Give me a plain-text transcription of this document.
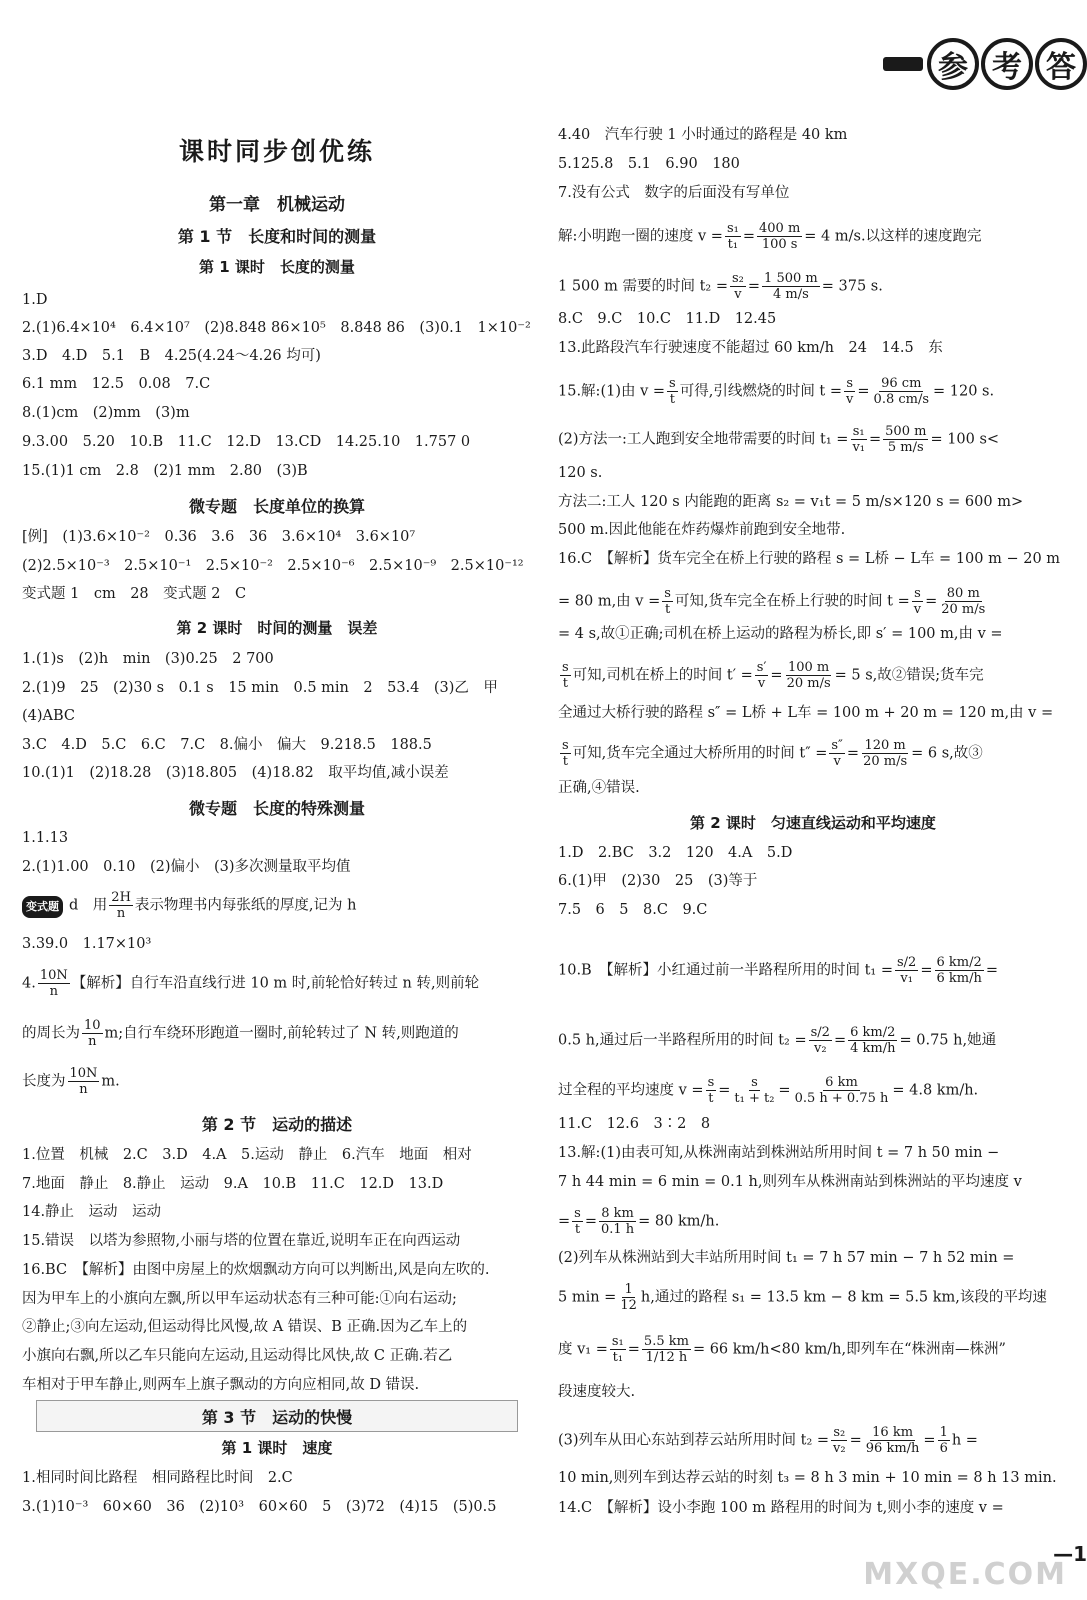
参 考 答
课时同步创优练
第一章　机械运动
第 1 节　长度和时间的测量
第 1 课时　长度的测量
1.D
2.(1)6.4×10⁴　6.4×10⁷　(2)8.848 86×10⁵　8.848 86　(3)0.1　1×10⁻²
3.D　4.D　5.1　B　4.25(4.24～4.26 均可)
6.1 mm　12.5　0.08　7.C
8.(1)cm　(2)mm　(3)m
9.3.00　5.20　10.B　11.C　12.D　13.CD　14.25.10　1.757 0
15.(1)1 cm　2.8　(2)1 mm　2.80　(3)B
微专题　长度单位的换算
[例]　(1)3.6×10⁻²　0.36　3.6　36　3.6×10⁴　3.6×10⁷
(2)2.5×10⁻³　2.5×10⁻¹　2.5×10⁻²　2.5×10⁻⁶　2.5×10⁻⁹　2.5×10⁻¹²
变式题 1　cm　28　变式题 2　C
第 2 课时　时间的测量　误差
1.(1)s　(2)h　min　(3)0.25　2 700
2.(1)9　25　(2)30 s　0.1 s　15 min　0.5 min　2　53.4　(3)乙　甲
(4)ABC
3.C　4.D　5.C　6.C　7.C　8.偏小　偏大　9.218.5　188.5
10.(1)1　(2)18.28　(3)18.805　(4)18.82　取平均值,减小误差
微专题　长度的特殊测量
1.1.13
2.(1)1.00　0.10　(2)偏小　(3)多次测量取平均值
变式题 d　用 $\frac{2H}{n}$ 表示物理书内每张纸的厚度,记为 h
3.39.0　1.17×10³
4. $\frac{10N}{n}$ 【解析】自行车沿直线行进 10 m 时,前轮恰好转过 n 转,则前轮
的周长为 $\frac{10}{n} m$;自行车绕环形跑道一圈时,前轮转过了 N 转,则跑道的
长度为 $\frac{10N}{n} m$.
第 2 节　运动的描述
1.位置　机械　2.C　3.D　4.A　5.运动　静止　6.汽车　地面　相对
7.地面　静止　8.静止　运动　9.A　10.B　11.C　12.D　13.D
14.静止　运动　运动
15.错误　以塔为参照物,小丽与塔的位置在靠近,说明车正在向西运动
16.BC　【解析】由图中房屋上的炊烟飘动方向可以判断出,风是向左吹的.
因为甲车上的小旗向左飘,所以甲车运动状态有三种可能:①向右运动;
②静止;③向左运动,但运动得比风慢,故 A 错误、B 正确.因为乙车上的
小旗向右飘,所以乙车只能向左运动,且运动得比风快,故 C 正确.若乙
车相对于甲车静止,则两车上旗子飘动的方向应相同,故 D 错误.
第 3 节　运动的快慢
第 1 课时　速度
1.相同时间比路程　相同路程比时间　2.C
3.(1)10⁻³　60×60　36　(2)10³　60×60　5　(3)72　(4)15　(5)0.5
4.40　汽车行驶 1 小时通过的路程是 40 km
5.125.8　5.1　6.90　180
7.没有公式　数字的后面没有写单位
解:小明跑一圈的速度 $v = \frac{\text{s₁}}{\text{t₁}} = \frac{400 m}{100 s} = 4$ m/s.以这样的速度跑完
1 500 m 需要的时间 $t_2 = \frac{\text{s₂}}{v} = \frac{1 500 m}{4 m/s} = 375$ s.
8.C　9.C　10.C　11.D　12.45
13.此路段汽车行驶速度不能超过 60 km/h　24　14.5　东
15.解:(1)由 $v = \frac{s}{t}$ 可得,引线燃烧的时间 $t = \frac{s}{v} = \frac{96 cm}{0.8 cm/s} = 120$ s.
(2)方法一:工人跑到安全地带需要的时间 $t_1 = \frac{\text{s₁}}{\text{v₁}} = \frac{500 m}{5 m/s} = 100$ s<
120 s.
方法二:工人 120 s 内能跑的距离 s₂ = v₁t = 5 m/s×120 s = 600 m>
500 m.因此他能在炸药爆炸前跑到安全地带.
16.C　【解析】货车完全在桥上行驶的路程 s = L桥 − L车 = 100 m − 20 m
= 80 m,由 $v = \frac{s}{t}$ 可知,货车完全在桥上行驶的时间 $t = \frac{s}{v} = \frac{80 m}{20 m/s}$
= 4 s,故①正确;司机在桥上运动的路程为桥长,即 s′ = 100 m,由 v =
$\frac{s}{t}$ 可知,司机在桥上的时间 $t' = \frac{s'}{v} = \frac{100 m}{20 m/s} = 5$ s,故②错误;货车完
全通过大桥行驶的路程 s″ = L桥 + L车 = 100 m + 20 m = 120 m,由 v =
$\frac{s}{t}$ 可知,货车完全通过大桥所用的时间 $t'' = \frac{s''}{v} = \frac{120 m}{20 m/s} = 6$ s,故③
正确,④错误.
第 2 课时　匀速直线运动和平均速度
1.D　2.BC　3.2　120　4.A　5.D
6.(1)甲　(2)30　25　(3)等于
7.5　6　5　8.C　9.C
10.B　【解析】小红通过前一半路程所用的时间 $t_1 = \frac{s/2}{\text{v₁}} = \frac{6 km/2}{6 km/h}$ =
0.5 h,通过后一半路程所用的时间 $t_2 = \frac{s/2}{\text{v₂}} = \frac{6 km/2}{4 km/h} = 0.75$ h,她通
过全程的平均速度 $v = \frac{s}{t} = \frac{s}{\text{t₁ + t₂}} = \frac{6 km}{0.5 h + 0.75 h} = 4.8$ km/h.
11.C　12.6　3∶2　8
13.解:(1)由表可知,从株洲南站到株洲站所用时间 t = 7 h 50 min −
7 h 44 min = 6 min = 0.1 h,则列车从株洲南站到株洲站的平均速度 v
= $\frac{s}{t} = \frac{8 km}{0.1 h} = 80$ km/h.
(2)列车从株洲站到大丰站所用时间 t₁ = 7 h 57 min − 7 h 52 min =
5 $\min = \frac{1}{12} h$,通过的路程 s₁ = 13.5 km − 8 km = 5.5 km,该段的平均速
度 $v_1 = \frac{\text{s₁}}{\text{t₁}} = \frac{5.5 km}{1/12 h} = 66$ km/h<80 km/h,即列车在“株洲南—株洲”
段速度较大.
(3)列车从田心东站到荐云站所用时间 $t_2 = \frac{\text{s₂}}{\text{v₂}} = \frac{16 km}{96 km/h} = \frac{1}{6}$ h =
10 min,则列车到达荐云站的时刻 t₃ = 8 h 3 min + 10 min = 8 h 13 min.
14.C　【解析】设小李跑 100 m 路程用的时间为 t,则小李的速度 v =
—1
MXQE.COM
